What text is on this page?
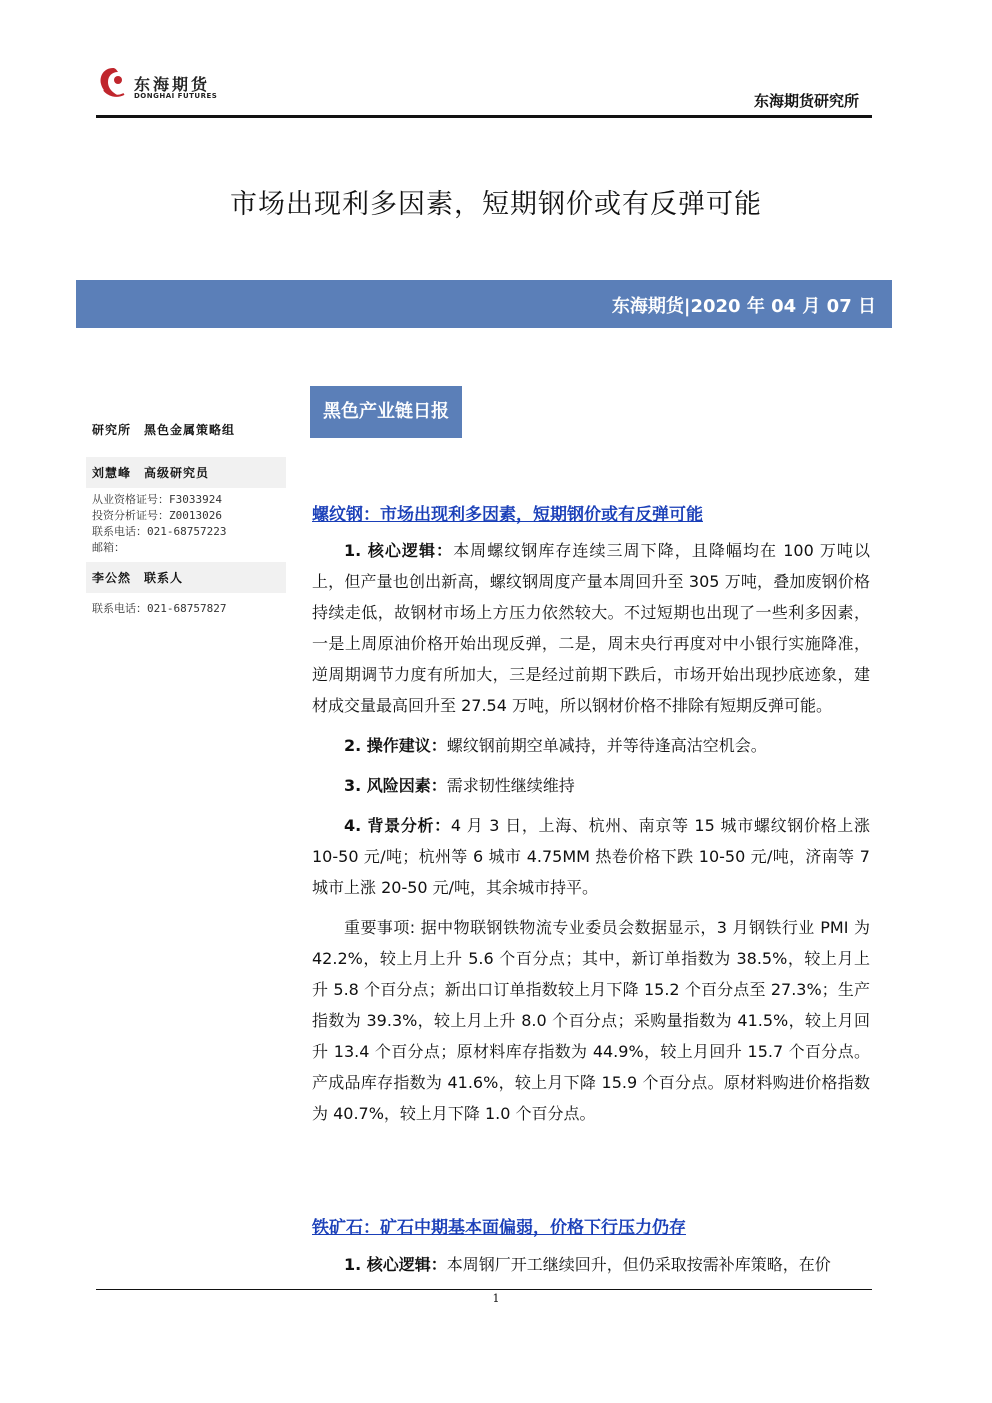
东海期货
DONGHAI FUTURES	东海期货研究所
市场出现利多因素，短期钢价或有反弹可能
东海期货|2020 年 04 月 07 日
研究所　黑色金属策略组
刘慧峰　高级研究员
从业资格证号：F3033924
投资分析证号：Z0013026
联系电话：021-68757223
邮箱：
李公然　联系人
联系电话：021-68757827
黑色产业链日报
螺纹钢：市场出现利多因素，短期钢价或有反弹可能

1. 核心逻辑：本周螺纹钢库存连续三周下降，且降幅均在 100 万吨以上，但产量也创出新高，螺纹钢周度产量本周回升至 305 万吨，叠加废钢价格持续走低，故钢材市场上方压力依然较大。不过短期也出现了一些利多因素，一是上周原油价格开始出现反弹，二是，周末央行再度对中小银行实施降准，逆周期调节力度有所加大，三是经过前期下跌后，市场开始出现抄底迹象，建材成交量最高回升至 27.54 万吨，所以钢材价格不排除有短期反弹可能。

2. 操作建议：螺纹钢前期空单减持，并等待逢高沽空机会。

3. 风险因素：需求韧性继续维持

4. 背景分析：4 月 3 日，上海、杭州、南京等 15 城市螺纹钢价格上涨 10-50 元/吨；杭州等 6 城市 4.75MM 热卷价格下跌 10-50 元/吨，济南等 7 城市上涨 20-50 元/吨，其余城市持平。

重要事项: 据中物联钢铁物流专业委员会数据显示，3 月钢铁行业 PMI 为 42.2%，较上月上升 5.6 个百分点；其中，新订单指数为 38.5%，较上月上升 5.8 个百分点；新出口订单指数较上月下降 15.2 个百分点至 27.3%；生产指数为 39.3%，较上月上升 8.0 个百分点；采购量指数为 41.5%，较上月回升 13.4 个百分点；原材料库存指数为 44.9%，较上月回升 15.7 个百分点。产成品库存指数为 41.6%，较上月下降 15.9 个百分点。原材料购进价格指数为 40.7%，较上月下降 1.0 个百分点。

铁矿石：矿石中期基本面偏弱，价格下行压力仍存

1. 核心逻辑：本周钢厂开工继续回升，但仍采取按需补库策略，在价

1
